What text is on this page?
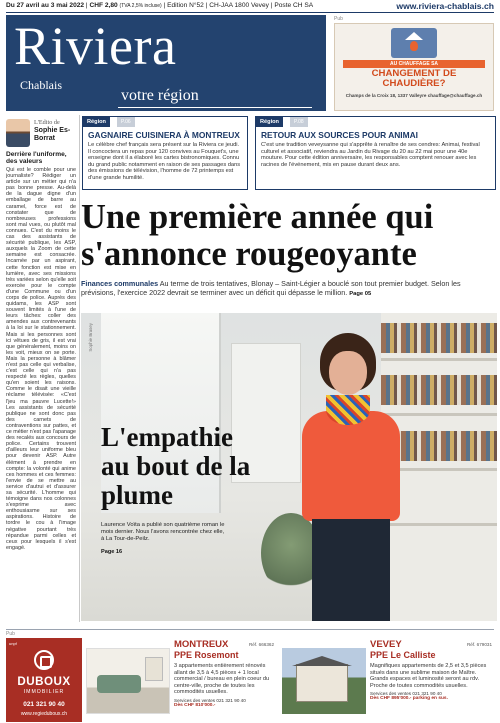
Du 27 avril au 3 mai 2022 | CHF 2,80 (TVA 2,5% incluse) | Edition N°52 | CH-JAA 1800 Vevey | Poste CH SA	www.riviera-chablais.ch
Riviera
Chablais
votre région
Pub
AU CHAUFFAGE SA
CHANGEMENT DE CHAUDIÈRE?
Champs de la Croix 18, 1337 Valleyre chauffage@chauffage.ch
L'Edito de
Sophie Es-Borrat
Derrière l'uniforme, des valeurs
Qui est le comble pour une journaliste? Rédiger un article sur un métier qui n'a pas bonne presse. Au-delà de la dague digne d'un emballage de barre au caramel, force est de constater que de nombreuses professions sont mal vues, ou plutôt mal connues. C'est du moins le cas des assistants de sécurité publique, les ASP, auxquels la Zoom de cette semaine est consacrée. Incarnée par un aspirant, cette fonction est mise en lumière, avec ses missions très variées selon qu'elle soit exercée pour le compte d'une Commune ou d'un corps de police. Auprès des quidams, les ASP sont souvent limités à l'une de leurs tâches: coller des amendes aux contrevenants à la loi sur le stationnement. Mais si les personnes sont ici vêtues de gris, il est vrai que généralement, moins on les voit, mieux on se porte. Mais la personne à blâmer n'est pas celle qui verbalise, c'est celle qui n'a pas respecté les règles, quelles qu'en soient les raisons. Comme le disait une vieille réclame télévisée: «C'est l'jeu ma pauvre Lucette!» Les assistants de sécurité publique ne sont donc pas des carnets de contraventions sur pattes, et ce métier n'est pas l'apanage des recalés aux concours de police. Certains trouvent d'ailleurs leur uniforme bleu pour devenir ASP. Autre élément à prendre en compte: la volonté qui anime ces hommes et ces femmes: l'envie de se mettre au service d'autrui et d'assurer sa sécurité. L'homme qui témoigne dans nos colonnes s'exprime avec enthousiasme sur ses aspirations. Histoire de tordre le cou à l'image négative pourtant très répandue parmi celles et ceux pour lesquels il s'est engagé.
Région	P.06
GAGNAIRE CUISINERA À MONTREUX
Le célèbre chef français sera présent sur la Riviera ce jeudi. Il concoctera un repas pour 120 convives au Fouquet's, une enseigne dont il a élaboré les cartes bistronomiques. Connu du grand public notamment en raison de ses passages dans des émissions de télévision, l'homme de 72 printemps est d'une grande humilité.
Région	P.08
RETOUR AUX SOURCES POUR ANIMAI
C'est une tradition veveysanne qui s'apprête à renaître de ses cendres: Animai, festival culturel et associatif, reviendra au Jardin du Rivage du 20 au 22 mai pour une 40e mouture. Pour cette édition anniversaire, les responsables comptent renouer avec les racines de l'événement, mis en pause durant deux ans.
Une première année qui s'annonce rougeoyante
Finances communales Au terme de trois tentatives, Blonay – Saint-Légier a bouclé son tout premier budget. Selon les prévisions, l'exercice 2022 devrait se terminer avec un déficit qui dépasse le million. Page 05
Sophie Brasey
L'empathie au bout de la plume
Laurence Voïta a publié son quatrième roman le mois dernier. Nous l'avons rencontrée chez elle, à La Tour-de-Peilz.
Page 16
Pub
unpf
DUBOUX
IMMOBILIER
021 321 90 40
www.regieduboux.ch
Réf. 666362
MONTREUX
PPE Rosemont
3 appartements entièrement rénovés allant de 3,5 à 4,5 pièces + 1 local commercial / bureau en plein coeur du centre-ville, proche de toutes les commodités usuelles.
Services des ventes 021 321 90 40
Dès CHF 810'000.-
Réf. 679031
VEVEY
PPE Le Calliste
Magnifiques appartements de 2,5 et 3,5 pièces situés dans une sublime maison de Maître. Grands espaces et luminosité seront au rdv. Proche de toutes commodités usuelles.
Services des ventes 021 321 90 40
Dès CHF 895'000.- parking en sus.
